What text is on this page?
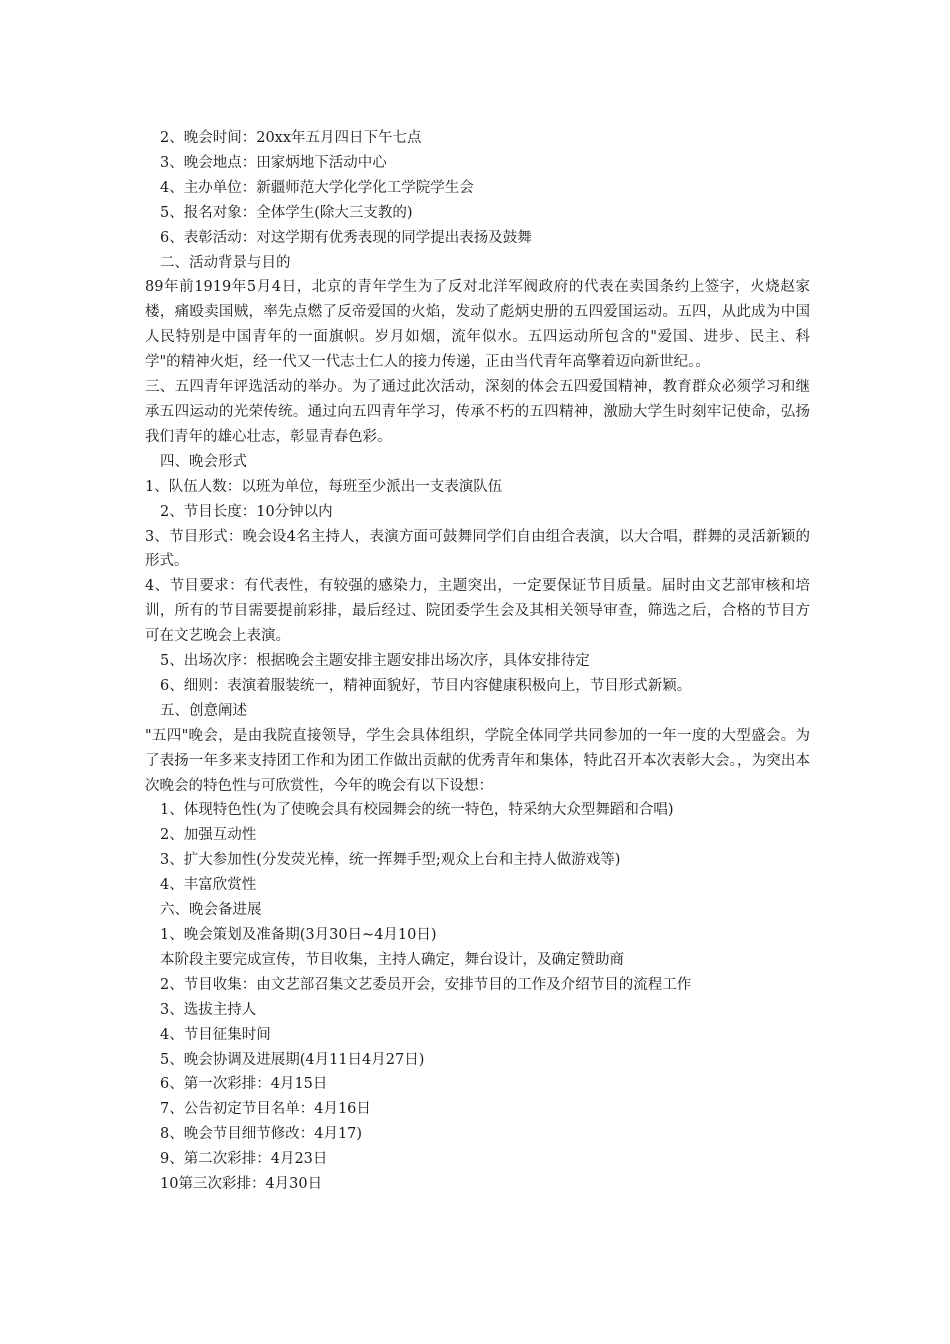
2、晚会时间：20xx年五月四日下午七点

3、晚会地点：田家炳地下活动中心

4、主办单位：新疆师范大学化学化工学院学生会

5、报名对象：全体学生(除大三支教的)

6、表彰活动：对这学期有优秀表现的同学提出表扬及鼓舞

二、活动背景与目的

89年前1919年5月4日，北京的青年学生为了反对北洋军阀政府的代表在卖国条约上签字，火烧赵家楼，痛殴卖国贼，率先点燃了反帝爱国的火焰，发动了彪炳史册的五四爱国运动。五四，从此成为中国人民特别是中国青年的一面旗帜。岁月如烟，流年似水。五四运动所包含的"爱国、进步、民主、科学"的精神火炬，经一代又一代志士仁人的接力传递，正由当代青年高擎着迈向新世纪。。

三、五四青年评选活动的举办。为了通过此次活动，深刻的体会五四爱国精神，教育群众必须学习和继承五四运动的光荣传统。通过向五四青年学习，传承不朽的五四精神，激励大学生时刻牢记使命，弘扬我们青年的雄心壮志，彰显青春色彩。

四、晚会形式

1、队伍人数：以班为单位，每班至少派出一支表演队伍

2、节目长度：10分钟以内

3、节目形式：晚会设4名主持人，表演方面可鼓舞同学们自由组合表演，以大合唱，群舞的灵活新颖的形式。

4、节目要求：有代表性，有较强的感染力，主题突出，一定要保证节目质量。届时由文艺部审核和培训，所有的节目需要提前彩排，最后经过、院团委学生会及其相关领导审查，筛选之后，合格的节目方可在文艺晚会上表演。

5、出场次序：根据晚会主题安排主题安排出场次序，具体安排待定

6、细则：表演着服装统一，精神面貌好，节目内容健康积极向上，节目形式新颖。

五、创意阐述

"五四"晚会，是由我院直接领导，学生会具体组织，学院全体同学共同参加的一年一度的大型盛会。为了表扬一年多来支持团工作和为团工作做出贡献的优秀青年和集体，特此召开本次表彰大会。，为突出本次晚会的特色性与可欣赏性，今年的晚会有以下设想：

1、体现特色性(为了使晚会具有校园舞会的统一特色，特采纳大众型舞蹈和合唱)

2、加强互动性

3、扩大参加性(分发荧光棒，统一挥舞手型;观众上台和主持人做游戏等)

4、丰富欣赏性

六、晚会备进展

1、晚会策划及准备期(3月30日~4月10日)

本阶段主要完成宣传，节目收集，主持人确定，舞台设计，及确定赞助商

2、节目收集：由文艺部召集文艺委员开会，安排节目的工作及介绍节目的流程工作

3、选拔主持人

4、节目征集时间

5、晚会协调及进展期(4月11日4月27日)

6、第一次彩排：4月15日

7、公告初定节目名单：4月16日

8、晚会节目细节修改：4月17)

9、第二次彩排：4月23日

10第三次彩排：4月30日
